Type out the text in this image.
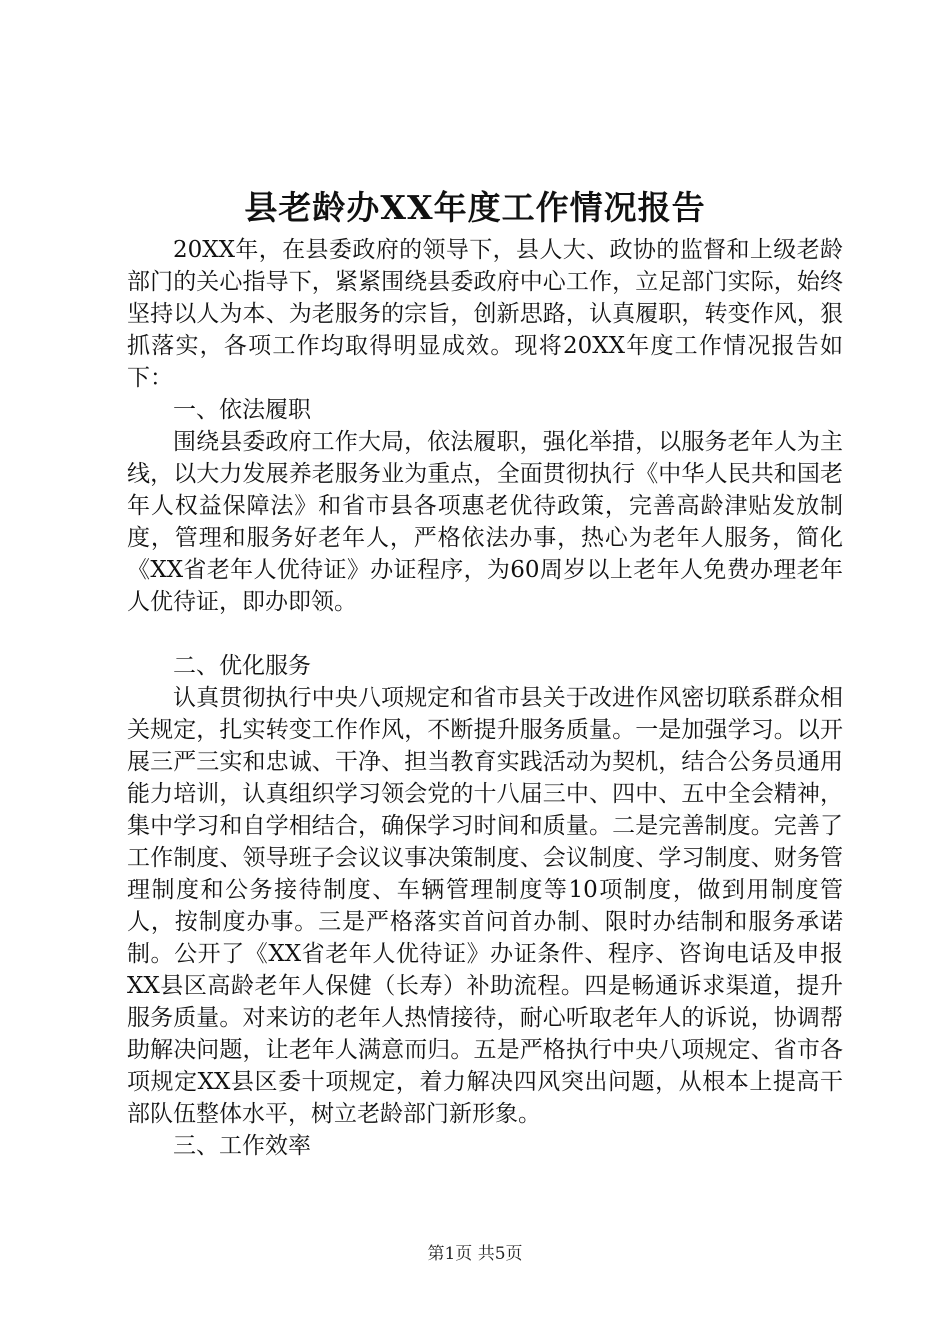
县老龄办XX年度工作情况报告

20XX年，在县委政府的领导下，县人大、政协的监督和上级老龄部门的关心指导下，紧紧围绕县委政府中心工作，立足部门实际，始终坚持以人为本、为老服务的宗旨，创新思路，认真履职，转变作风，狠抓落实，各项工作均取得明显成效。现将20XX年度工作情况报告如下：

一、依法履职

围绕县委政府工作大局，依法履职，强化举措，以服务老年人为主线，以大力发展养老服务业为重点，全面贯彻执行《中华人民共和国老年人权益保障法》和省市县各项惠老优待政策，完善高龄津贴发放制度，管理和服务好老年人，严格依法办事，热心为老年人服务，简化《XX省老年人优待证》办证程序，为60周岁以上老年人免费办理老年人优待证，即办即领。

二、优化服务

认真贯彻执行中央八项规定和省市县关于改进作风密切联系群众相关规定，扎实转变工作作风，不断提升服务质量。一是加强学习。以开展三严三实和忠诚、干净、担当教育实践活动为契机，结合公务员通用能力培训，认真组织学习领会党的十八届三中、四中、五中全会精神，集中学习和自学相结合，确保学习时间和质量。二是完善制度。完善了工作制度、领导班子会议议事决策制度、会议制度、学习制度、财务管理制度和公务接待制度、车辆管理制度等10项制度，做到用制度管人，按制度办事。三是严格落实首问首办制、限时办结制和服务承诺制。公开了《XX省老年人优待证》办证条件、程序、咨询电话及申报XX县区高龄老年人保健（长寿）补助流程。四是畅通诉求渠道，提升服务质量。对来访的老年人热情接待，耐心听取老年人的诉说，协调帮助解决问题，让老年人满意而归。五是严格执行中央八项规定、省市各项规定XX县区委十项规定，着力解决四风突出问题，从根本上提高干部队伍整体水平，树立老龄部门新形象。

三、工作效率

第1页 共5页
